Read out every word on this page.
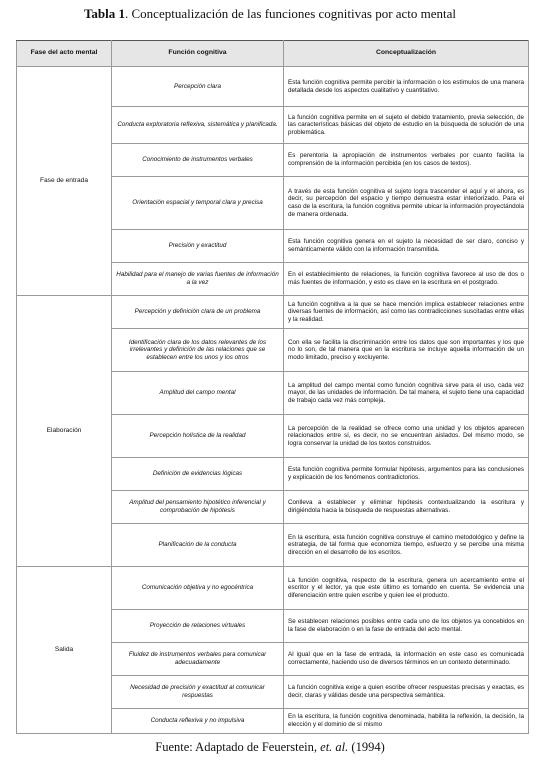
Tabla 1. Conceptualización de las funciones cognitivas por acto mental
Fase del acto mental	Función cognitiva	Conceptualización
Fase de entrada	Percepción clara	Esta función cognitiva permite percibir la información o los estímulos de una manera detallada desde los aspectos cualitativo y cuantitativo.
	Conducta exploratoria reflexiva, sistemática y planificada.	La función cognitiva permite en el sujeto el debido tratamiento, previa selección, de las características básicas del objeto de estudio en la búsqueda de solución de una problemática.
	Conocimiento de instrumentos verbales	Es perentoria la apropiación de instrumentos verbales por cuanto facilita la comprensión de la información percibida (en los casos de textos).
	Orientación espacial y temporal clara y precisa	A través de esta función cognitiva el sujeto logra trascender el aquí y el ahora, es decir, su percepción del espacio y tiempo demuestra estar interiorizado. Para el caso de la escritura, la función cognitiva permite ubicar la información proyectándola de manera ordenada.
	Precisión y exactitud	Esta función cognitiva genera en el sujeto la necesidad de ser claro, conciso y semánticamente válido con la información transmitida.
	Habilidad para el manejo de varias fuentes de información a la vez	En el establecimiento de relaciones, la función cognitiva favorece al uso de dos o más fuentes de información, y esto es clave en la escritura en el postgrado.
Elaboración	Percepción y definición clara de un problema	La función cognitiva a la que se hace mención implica establecer relaciones entre diversas fuentes de información, así como las contradicciones suscitadas entre ellas y la realidad.
	Identificación clara de los datos relevantes de los irrelevantes y definición de las relaciones que se establecen entre los unos y los otros	Con ella se facilita la discriminación entre los datos que son importantes y los que no lo son, de tal manera que en la escritura se incluye aquella información de un modo limitado, preciso y excluyente.
	Amplitud del campo mental	La amplitud del campo mental como función cognitiva sirve para el uso, cada vez mayor, de las unidades de información. De tal manera, el sujeto tiene una capacidad de trabajo cada vez más compleja.
	Percepción holística de la realidad	La percepción de la realidad se ofrece como una unidad y los objetos aparecen relacionados entre sí, es decir, no se encuentran aislados. Del mismo modo, se logra conservar la unidad de los textos construidos.
	Definición de evidencias lógicas	Esta función cognitiva permite formular hipótesis, argumentos para las conclusiones y explicación de los fenómenos contradictorios.
	Amplitud del pensamiento hipotético inferencial y comprobación de hipótesis	Conlleva a establecer y eliminar hipótesis contextualizando la escritura y dirigiéndola hacia la búsqueda de respuestas alternativas.
	Planificación de la conducta	En la escritura, esta función cognitiva construye el camino metodológico y define la estrategia, de tal forma que economiza tiempo, esfuerzo y se percibe una misma dirección en el desarrollo de los escritos.
Salida	Comunicación objetiva y no egocéntrica	La función cognitiva, respecto de la escritura, genera un acercamiento entre el escritor y el lector, ya que este último es tomando en cuenta. Se evidencia una diferenciación entre quien escribe y quien lee el producto.
	Proyección de relaciones virtuales	Se establecen relaciones posibles entre cada uno de los objetos ya concebidos en la fase de elaboración o en la fase de entrada del acto mental.
	Fluidez de instrumentos verbales para comunicar adecuadamente	Al igual que en la fase de entrada, la información en este caso es comunicada correctamente, haciendo uso de diversos términos en un contexto determinado.
	Necesidad de precisión y exactitud al comunicar respuestas	La función cognitiva exige a quien escribe ofrecer respuestas precisas y exactas, es decir, claras y válidas desde una perspectiva semántica.
	Conducta reflexiva y no impulsiva	En la escritura, la función cognitiva denominada, habilita la reflexión, la decisión, la elección y el dominio de sí mismo
Fuente: Adaptado de Feuerstein, et. al. (1994)
